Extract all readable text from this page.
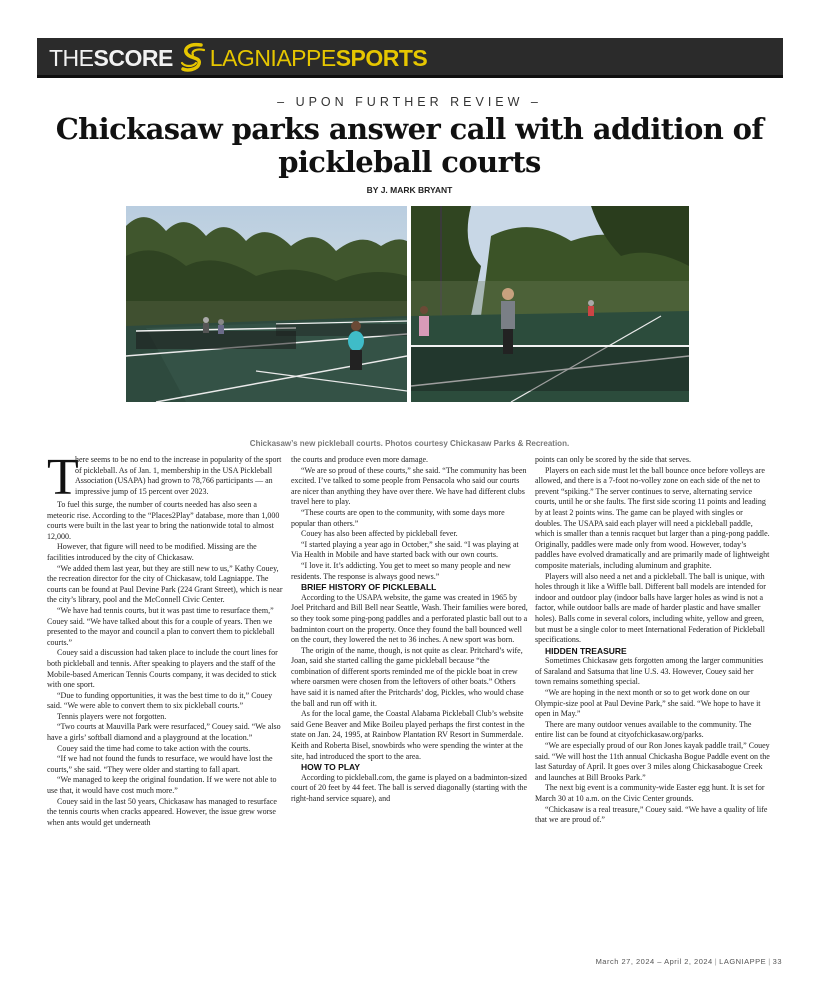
THE SCORE LAGNIAPPE SPORTS
– UPON FURTHER REVIEW –
Chickasaw parks answer call with addition of pickleball courts
BY J. MARK BRYANT
Chickasaw’s new pickleball courts. Photos courtesy Chickasaw Parks & Recreation.
T
here seems to be no end to the increase in popularity of the sport of pickleball. As of Jan. 1, membership in the USA Pickleball Association (USAPA) had grown to 78,766 participants — an impressive jump of 15 percent over 2023.

To fuel this surge, the number of courts needed has also seen a meteoric rise. According to the “Places2Play” database, more than 1,000 courts were built in the last year to bring the nationwide total to almost 12,000.

However, that figure will need to be modified. Missing are the facilities introduced by the city of Chickasaw.

“We added them last year, but they are still new to us,” Kathy Couey, the recreation director for the city of Chickasaw, told Lagniappe. The courts can be found at Paul Devine Park (224 Grant Street), which is near the city’s library, pool and the McConnell Civic Center.

“We have had tennis courts, but it was past time to resurface them,” Couey said. “We have talked about this for a couple of years. Then we presented to the mayor and council a plan to convert them to pickleball courts.”

Couey said a discussion had taken place to include the court lines for both pickleball and tennis. After speaking to players and the staff of the Mobile-based American Tennis Courts company, it was decided to stick with one sport.

“Due to funding opportunities, it was the best time to do it,” Couey said. “We were able to convert them to six pickleball courts.”

Tennis players were not forgotten.

“Two courts at Mauvilla Park were resurfaced,” Couey said. “We also have a girls’ softball diamond and a playground at the location.”

Couey said the time had come to take action with the courts.

“If we had not found the funds to resurface, we would have lost the courts,” she said. “They were older and starting to fall apart.

“We managed to keep the original foundation. If we were not able to use that, it would have cost much more.”

Couey said in the last 50 years, Chickasaw has managed to resurface the tennis courts when cracks appeared. However, the issue grew worse when ants would get underneath

the courts and produce even more damage.

“We are so proud of these courts,” she said. “The community has been excited. I’ve talked to some people from Pensacola who said our courts are nicer than anything they have over there. We have had different clubs travel here to play.

“These courts are open to the community, with some days more popular than others.”

Couey has also been affected by pickleball fever.

“I started playing a year ago in October,” she said. “I was playing at Via Health in Mobile and have started back with our own courts.

“I love it. It’s addicting. You get to meet so many people and new residents. The response is always good news.”

BRIEF HISTORY OF PICKLEBALL

According to the USAPA website, the game was created in 1965 by Joel Pritchard and Bill Bell near Seattle, Wash. Their families were bored, so they took some ping-pong paddles and a perforated plastic ball out to a badminton court on the property. Once they found the ball bounced well on the court, they lowered the net to 36 inches. A new sport was born.

The origin of the name, though, is not quite as clear. Pritchard’s wife, Joan, said she started calling the game pickleball because “the combination of different sports reminded me of the pickle boat in crew where oarsmen were chosen from the leftovers of other boats.” Others have said it is named after the Pritchards’ dog, Pickles, who would chase the ball and run off with it.

As for the local game, the Coastal Alabama Pickleball Club’s website said Gene Beaver and Mike Boileu played perhaps the first contest in the state on Jan. 24, 1995, at Rainbow Plantation RV Resort in Summerdale. Keith and Roberta Bisel, snowbirds who were spending the winter at the site, had introduced the sport to the area.

HOW TO PLAY

According to pickleball.com, the game is played on a badminton-sized court of 20 feet by 44 feet. The ball is served diagonally (starting with the right-hand service square), and

points can only be scored by the side that serves.

Players on each side must let the ball bounce once before volleys are allowed, and there is a 7-foot no-volley zone on each side of the net to prevent “spiking.” The server continues to serve, alternating service courts, until he or she faults. The first side scoring 11 points and leading by at least 2 points wins. The game can be played with singles or doubles. The USAPA said each player will need a pickleball paddle, which is smaller than a tennis racquet but larger than a ping-pong paddle. Originally, paddles were made only from wood. However, today’s paddles have evolved dramatically and are primarily made of lightweight composite materials, including aluminum and graphite.

Players will also need a net and a pickleball. The ball is unique, with holes through it like a Wiffle ball. Different ball models are intended for indoor and outdoor play (indoor balls have larger holes as wind is not a factor, while outdoor balls are made of harder plastic and have smaller holes). Balls come in several colors, including white, yellow and green, but must be a single color to meet International Federation of Pickleball specifications.

HIDDEN TREASURE

Sometimes Chickasaw gets forgotten among the larger communities of Saraland and Satsuma that line U.S. 43. However, Couey said her town remains something special.

“We are hoping in the next month or so to get work done on our Olympic-size pool at Paul Devine Park,” she said. “We hope to have it open in May.”

There are many outdoor venues available to the community. The entire list can be found at cityofchickasaw.org/parks.

“We are especially proud of our Ron Jones kayak paddle trail,” Couey said. “We will host the 11th annual Chickasha Bogue Paddle event on the last Saturday of April. It goes over 3 miles along Chickasabogue Creek and launches at Bill Brooks Park.”

The next big event is a community-wide Easter egg hunt. It is set for March 30 at 10 a.m. on the Civic Center grounds.

“Chickasaw is a real treasure,” Couey said. “We have a quality of life that we are proud of.”

March 27, 2024 – April 2, 2024 | LAGNIAPPE | 33
